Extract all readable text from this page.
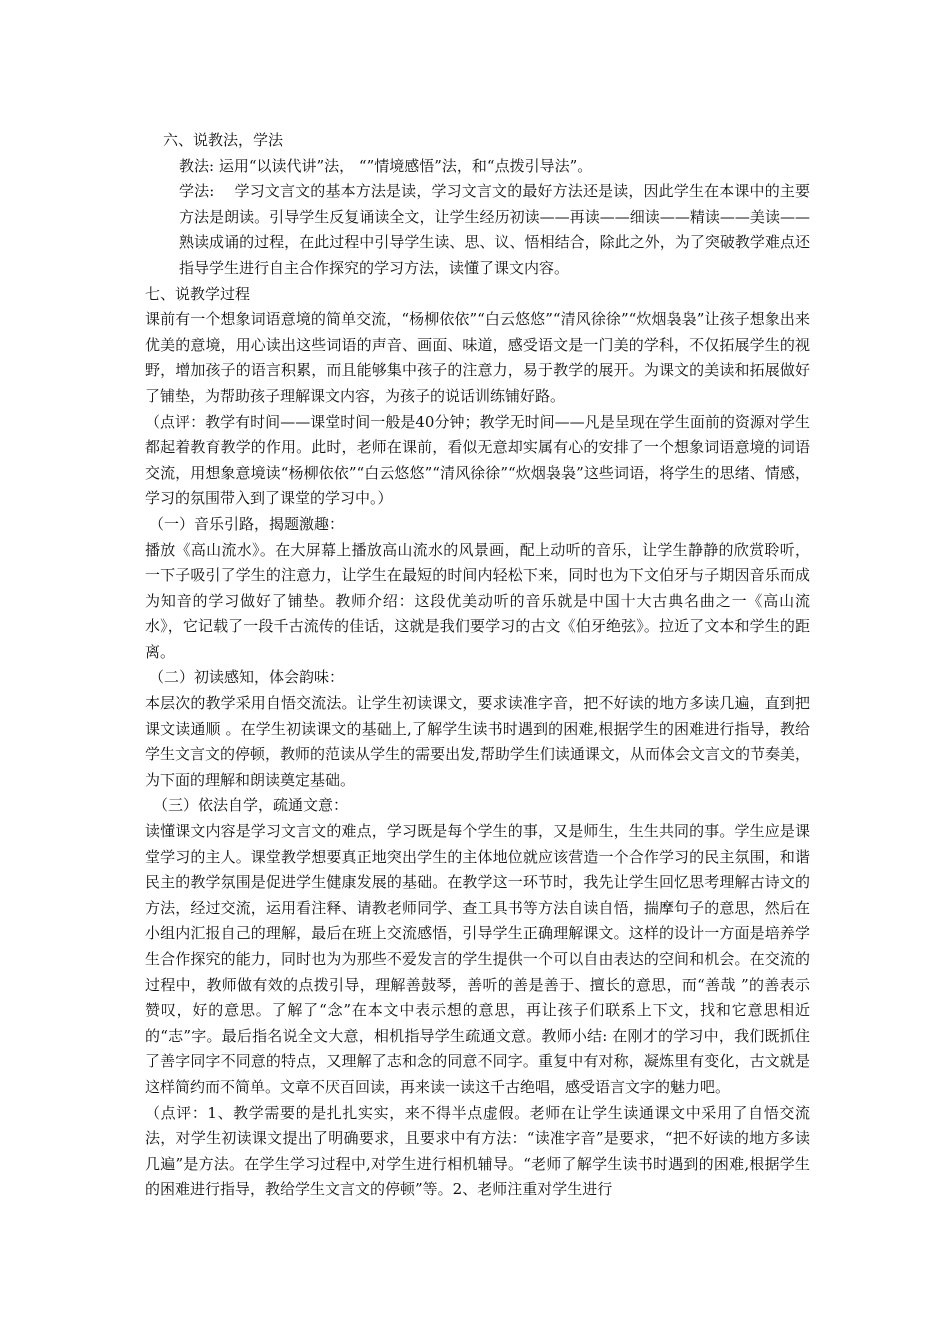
六、说教法，学法

教法: 运用“以读代讲”法， “”情境感悟”法，和“点拨引导法”。

学法:　 学习文言文的基本方法是读，学习文言文的最好方法还是读，因此学生在本课中的主要方法是朗读。引导学生反复诵读全文，让学生经历初读——再读——细读——精读——美读——熟读成诵的过程，在此过程中引导学生读、思、议、悟相结合，除此之外，为了突破教学难点还指导学生进行自主合作探究的学习方法，读懂了课文内容。

七、说教学过程

课前有一个想象词语意境的简单交流，“杨柳依依”“白云悠悠”“清风徐徐”“炊烟袅袅”让孩子想象出来优美的意境，用心读出这些词语的声音、画面、味道，感受语文是一门美的学科，不仅拓展学生的视野，增加孩子的语言积累，而且能够集中孩子的注意力，易于教学的展开。为课文的美读和拓展做好了铺垫，为帮助孩子理解课文内容，为孩子的说话训练铺好路。

（点评：教学有时间——课堂时间一般是40分钟；教学无时间——凡是呈现在学生面前的资源对学生都起着教育教学的作用。此时，老师在课前，看似无意却实属有心的安排了一个想象词语意境的词语交流，用想象意境读“杨柳依依”“白云悠悠”“清风徐徐”“炊烟袅袅”这些词语，将学生的思绪、情感，学习的氛围带入到了课堂的学习中。）

（一）音乐引路，揭题激趣：

播放《高山流水》。在大屏幕上播放高山流水的风景画，配上动听的音乐，让学生静静的欣赏聆听，一下子吸引了学生的注意力，让学生在最短的时间内轻松下来，同时也为下文伯牙与子期因音乐而成为知音的学习做好了铺垫。教师介绍：这段优美动听的音乐就是中国十大古典名曲之一《高山流水》，它记载了一段千古流传的佳话，这就是我们要学习的古文《伯牙绝弦》。拉近了文本和学生的距离。

（二）初读感知，体会韵味：

本层次的教学采用自悟交流法。让学生初读课文，要求读准字音，把不好读的地方多读几遍，直到把课文读通顺 。在学生初读课文的基础上,了解学生读书时遇到的困难,根据学生的困难进行指导，教给学生文言文的停顿，教师的范读从学生的需要出发,帮助学生们读通课文，从而体会文言文的节奏美，为下面的理解和朗读奠定基础。

（三）依法自学，疏通文意：

读懂课文内容是学习文言文的难点，学习既是每个学生的事，又是师生，生生共同的事。学生应是课堂学习的主人。课堂教学想要真正地突出学生的主体地位就应该营造一个合作学习的民主氛围，和谐民主的教学氛围是促进学生健康发展的基础。在教学这一环节时，我先让学生回忆思考理解古诗文的方法，经过交流，运用看注释、请教老师同学、查工具书等方法自读自悟，揣摩句子的意思，然后在小组内汇报自己的理解，最后在班上交流感悟，引导学生正确理解课文。这样的设计一方面是培养学生合作探究的能力，同时也为为那些不爱发言的学生提供一个可以自由表达的空间和机会。在交流的过程中，教师做有效的点拨引导，理解善鼓琴，善听的善是善于、擅长的意思，而“善哉 ”的善表示赞叹，好的意思。了解了“念”在本文中表示想的意思，再让孩子们联系上下文，找和它意思相近的“志”字。最后指名说全文大意，相机指导学生疏通文意。教师小结: 在刚才的学习中，我们既抓住了善字同字不同意的特点，又理解了志和念的同意不同字。重复中有对称，凝炼里有变化，古文就是这样简约而不简单。文章不厌百回读，再来读一读这千古绝唱，感受语言文字的魅力吧。

（点评：1、教学需要的是扎扎实实，来不得半点虚假。老师在让学生读通课文中采用了自悟交流法，对学生初读课文提出了明确要求，且要求中有方法：“读准字音”是要求，“把不好读的地方多读几遍”是方法。在学生学习过程中,对学生进行相机辅导。“老师了解学生读书时遇到的困难,根据学生的困难进行指导，教给学生文言文的停顿”等。2、老师注重对学生进行
